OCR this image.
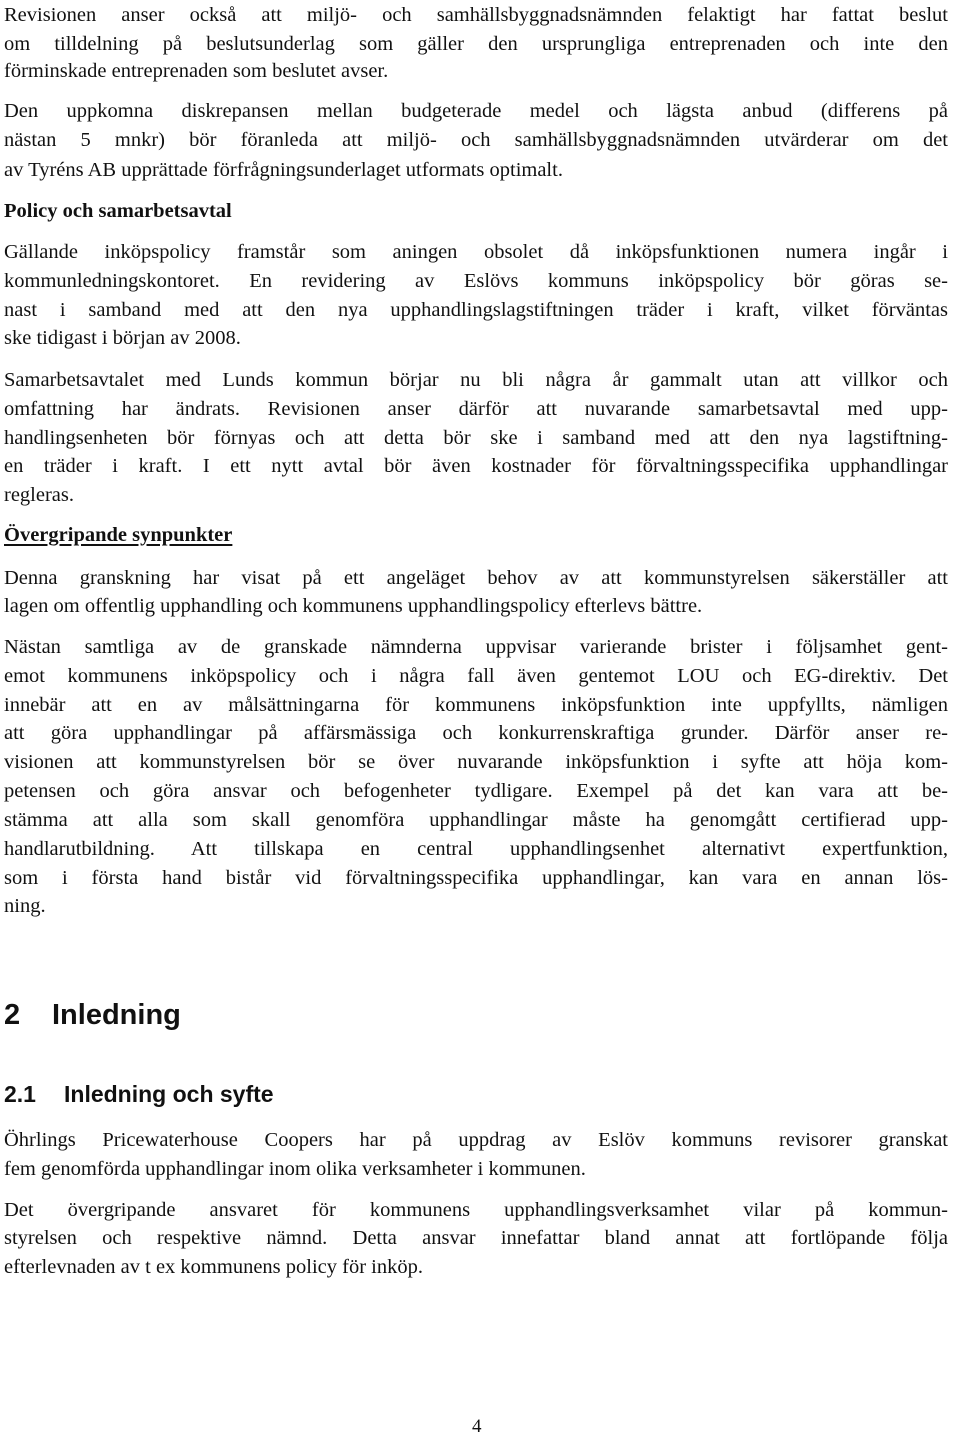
Revisionen anser också att miljö- och samhällsbyggnadsnämnden felaktigt har fattat beslut
om tilldelning på beslutsunderlag som gäller den ursprungliga entreprenaden och inte den
förminskade entreprenaden som beslutet avser.
Den uppkomna diskrepansen mellan budgeterade medel och lägsta anbud (differens på
nästan 5 mnkr) bör föranleda att miljö- och samhällsbyggnadsnämnden utvärderar om det
av Tyréns AB upprättade förfrågningsunderlaget utformats optimalt.
Policy och samarbetsavtal
Gällande inköpspolicy framstår som aningen obsolet då inköpsfunktionen numera ingår i
kommunledningskontoret. En revidering av Eslövs kommuns inköpspolicy bör göras se-
nast i samband med att den nya upphandlingslagstiftningen träder i kraft, vilket förväntas
ske tidigast i början av 2008.
Samarbetsavtalet med Lunds kommun börjar nu bli några år gammalt utan att villkor och
omfattning har ändrats. Revisionen anser därför att nuvarande samarbetsavtal med upp-
handlingsenheten bör förnyas och att detta bör ske i samband med att den nya lagstiftning-
en träder i kraft. I ett nytt avtal bör även kostnader för förvaltningsspecifika upphandlingar
regleras.
Övergripande synpunkter
Denna granskning har visat på ett angeläget behov av att kommunstyrelsen säkerställer att
lagen om offentlig upphandling och kommunens upphandlingspolicy efterlevs bättre.
Nästan samtliga av de granskade nämnderna uppvisar varierande brister i följsamhet gent-
emot kommunens inköpspolicy och i några fall även gentemot LOU och EG-direktiv. Det
innebär att en av målsättningarna för kommunens inköpsfunktion inte uppfyllts, nämligen
att göra upphandlingar på affärsmässiga och konkurrenskraftiga grunder. Därför anser re-
visionen att kommunstyrelsen bör se över nuvarande inköpsfunktion i syfte att höja kom-
petensen och göra ansvar och befogenheter tydligare. Exempel på det kan vara att be-
stämma att alla som skall genomföra upphandlingar måste ha genomgått certifierad upp-
handlarutbildning. Att tillskapa en central upphandlingsenhet alternativt expertfunktion,
som i första hand bistår vid förvaltningsspecifika upphandlingar, kan vara en annan lös-
ning.
2 Inledning
2.1 Inledning och syfte
Öhrlings Pricewaterhouse Coopers har på uppdrag av Eslöv kommuns revisorer granskat
fem genomförda upphandlingar inom olika verksamheter i kommunen.
Det övergripande ansvaret för kommunens upphandlingsverksamhet vilar på kommun-
styrelsen och respektive nämnd. Detta ansvar innefattar bland annat att fortlöpande följa
efterlevnaden av t ex kommunens policy för inköp.
4
